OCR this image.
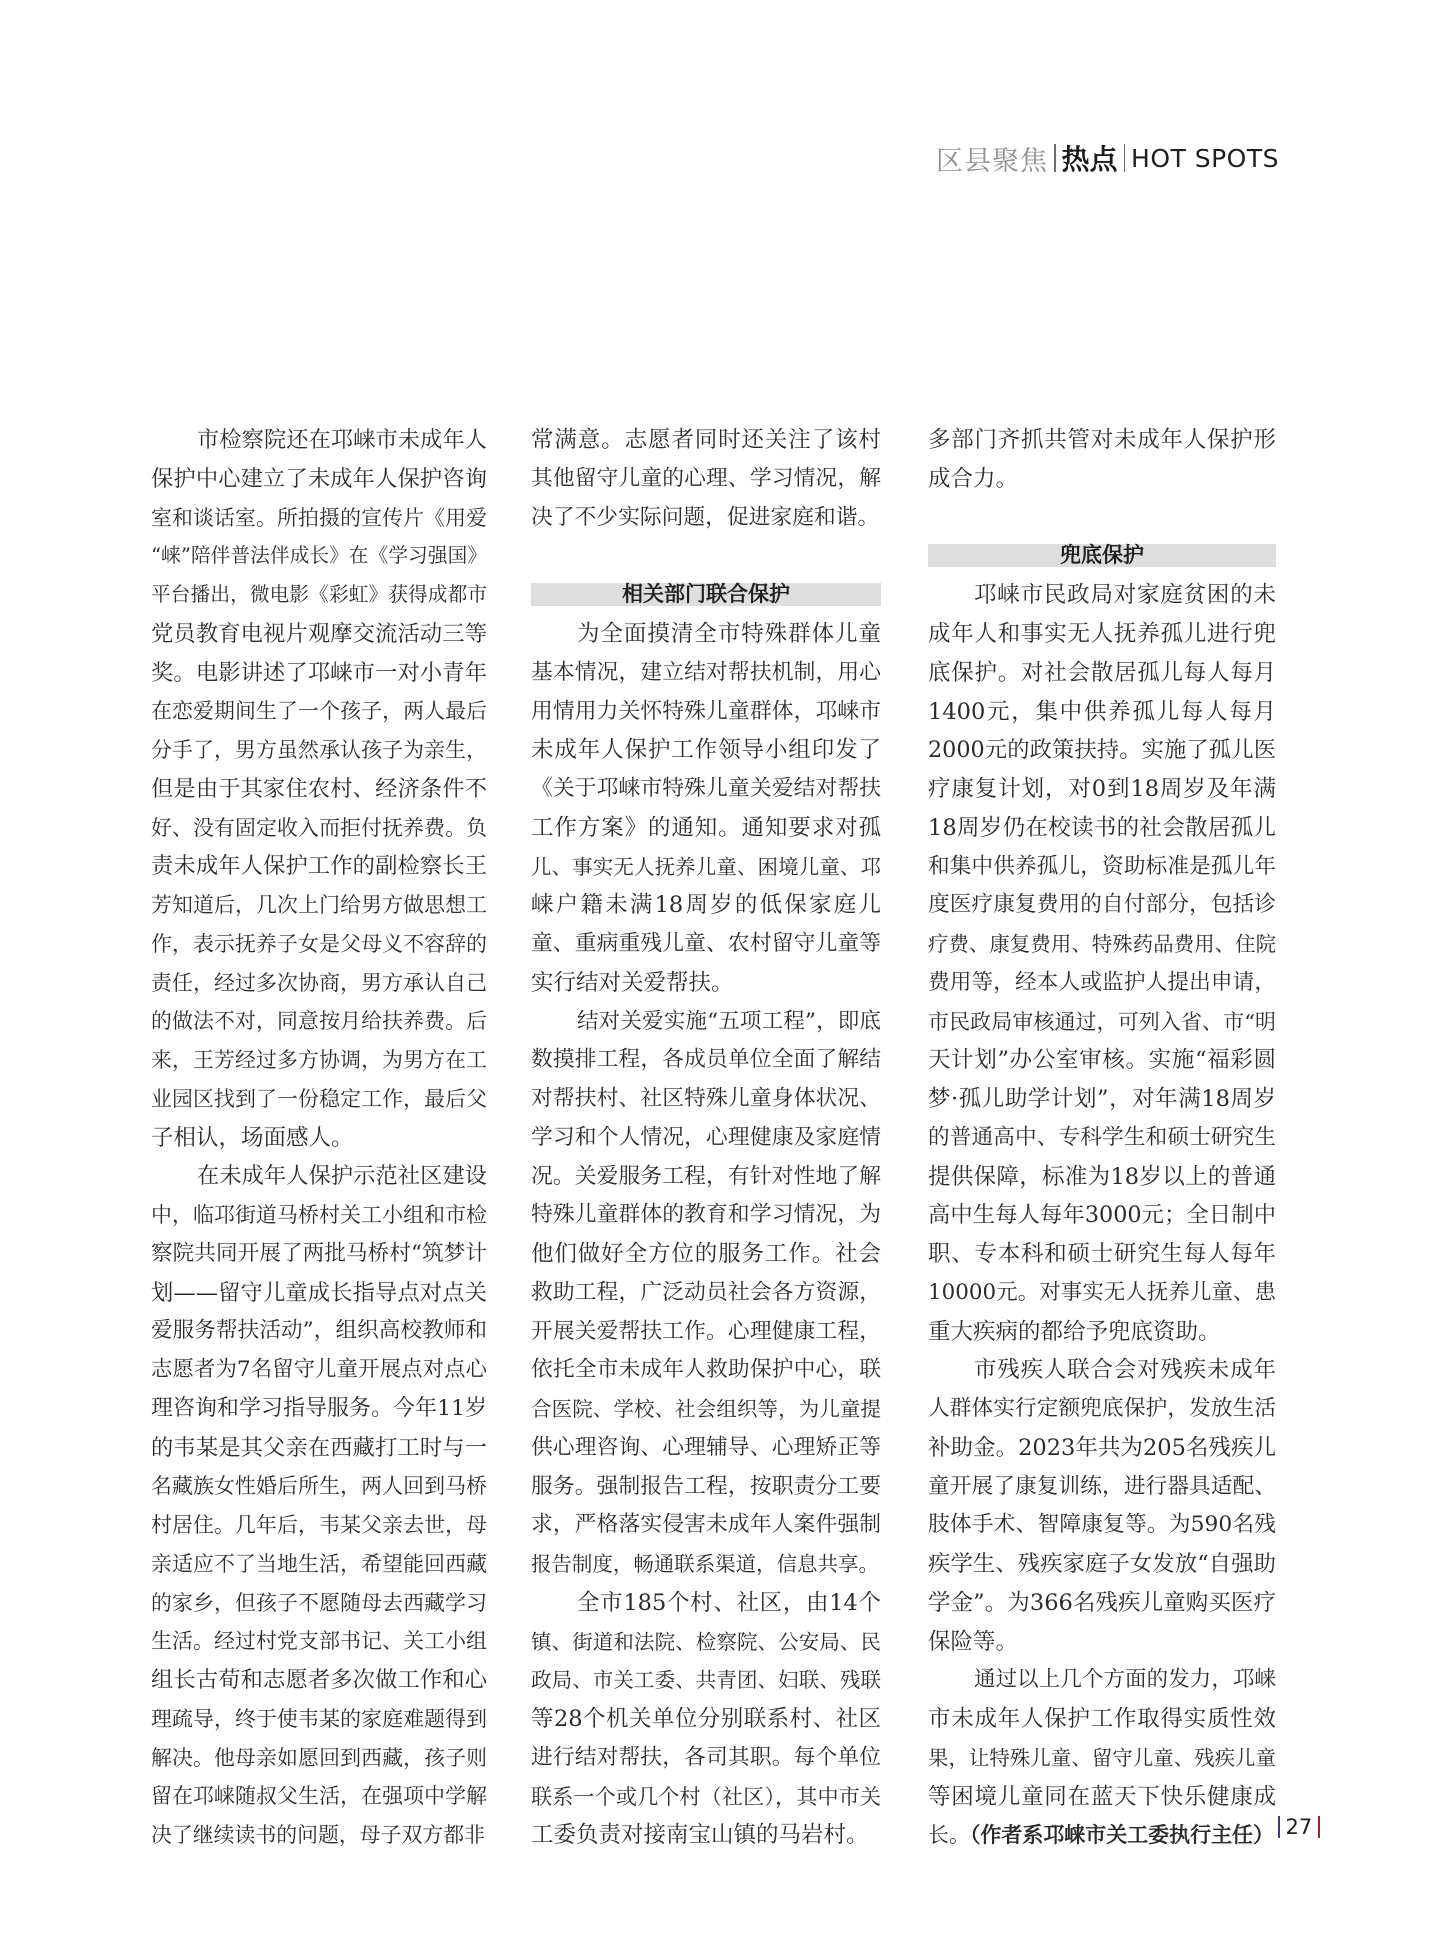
区县聚焦 热点 HOT SPOTS
市检察院还在邛崃市未成年人
保护中心建立了未成年人保护咨询
室和谈话室。所拍摄的宣传片《用爱
“崃”陪伴普法伴成长》在《学习强国》
平台播出，微电影《彩虹》获得成都市
党员教育电视片观摩交流活动三等
奖。电影讲述了邛崃市一对小青年
在恋爱期间生了一个孩子，两人最后
分手了，男方虽然承认孩子为亲生，
但是由于其家住农村、经济条件不
好、没有固定收入而拒付抚养费。负
责未成年人保护工作的副检察长王
芳知道后，几次上门给男方做思想工
作，表示抚养子女是父母义不容辞的
责任，经过多次协商，男方承认自己
的做法不对，同意按月给扶养费。后
来，王芳经过多方协调，为男方在工
业园区找到了一份稳定工作，最后父
子相认，场面感人。
在未成年人保护示范社区建设
中，临邛街道马桥村关工小组和市检
察院共同开展了两批马桥村“筑梦计
划——留守儿童成长指导点对点关
爱服务帮扶活动”，组织高校教师和
志愿者为7名留守儿童开展点对点心
理咨询和学习指导服务。今年11岁
的韦某是其父亲在西藏打工时与一
名藏族女性婚后所生，两人回到马桥
村居住。几年后，韦某父亲去世，母
亲适应不了当地生活，希望能回西藏
的家乡，但孩子不愿随母去西藏学习
生活。经过村党支部书记、关工小组
组长古荀和志愿者多次做工作和心
理疏导，终于使韦某的家庭难题得到
解决。他母亲如愿回到西藏，孩子则
留在邛崃随叔父生活，在强项中学解
决了继续读书的问题，母子双方都非
常满意。志愿者同时还关注了该村
其他留守儿童的心理、学习情况，解
决了不少实际问题，促进家庭和谐。
相关部门联合保护
为全面摸清全市特殊群体儿童
基本情况，建立结对帮扶机制，用心
用情用力关怀特殊儿童群体，邛崃市
未成年人保护工作领导小组印发了
《关于邛崃市特殊儿童关爱结对帮扶
工作方案》的通知。通知要求对孤
儿、事实无人抚养儿童、困境儿童、邛
崃户籍未满18周岁的低保家庭儿
童、重病重残儿童、农村留守儿童等
实行结对关爱帮扶。
结对关爱实施“五项工程”，即底
数摸排工程，各成员单位全面了解结
对帮扶村、社区特殊儿童身体状况、
学习和个人情况，心理健康及家庭情
况。关爱服务工程，有针对性地了解
特殊儿童群体的教育和学习情况，为
他们做好全方位的服务工作。社会
救助工程，广泛动员社会各方资源，
开展关爱帮扶工作。心理健康工程，
依托全市未成年人救助保护中心，联
合医院、学校、社会组织等，为儿童提
供心理咨询、心理辅导、心理矫正等
服务。强制报告工程，按职责分工要
求，严格落实侵害未成年人案件强制
报告制度，畅通联系渠道，信息共享。
全市185个村、社区，由14个
镇、街道和法院、检察院、公安局、民
政局、市关工委、共青团、妇联、残联
等28个机关单位分别联系村、社区
进行结对帮扶，各司其职。每个单位
联系一个或几个村（社区），其中市关
工委负责对接南宝山镇的马岩村。
多部门齐抓共管对未成年人保护形
成合力。
兜底保护
邛崃市民政局对家庭贫困的未
成年人和事实无人抚养孤儿进行兜
底保护。对社会散居孤儿每人每月
1400元，集中供养孤儿每人每月
2000元的政策扶持。实施了孤儿医
疗康复计划，对0到18周岁及年满
18周岁仍在校读书的社会散居孤儿
和集中供养孤儿，资助标准是孤儿年
度医疗康复费用的自付部分，包括诊
疗费、康复费用、特殊药品费用、住院
费用等，经本人或监护人提出申请，
市民政局审核通过，可列入省、市“明
天计划”办公室审核。实施“福彩圆
梦·孤儿助学计划”，对年满18周岁
的普通高中、专科学生和硕士研究生
提供保障，标准为18岁以上的普通
高中生每人每年3000元；全日制中
职、专本科和硕士研究生每人每年
10000元。对事实无人抚养儿童、患
重大疾病的都给予兜底资助。
市残疾人联合会对残疾未成年
人群体实行定额兜底保护，发放生活
补助金。2023年共为205名残疾儿
童开展了康复训练，进行器具适配、
肢体手术、智障康复等。为590名残
疾学生、残疾家庭子女发放“自强助
学金”。为366名残疾儿童购买医疗
保险等。
通过以上几个方面的发力，邛崃
市未成年人保护工作取得实质性效
果，让特殊儿童、留守儿童、残疾儿童
等困境儿童同在蓝天下快乐健康成
长。（作者系邛崃市关工委执行主任） 27
